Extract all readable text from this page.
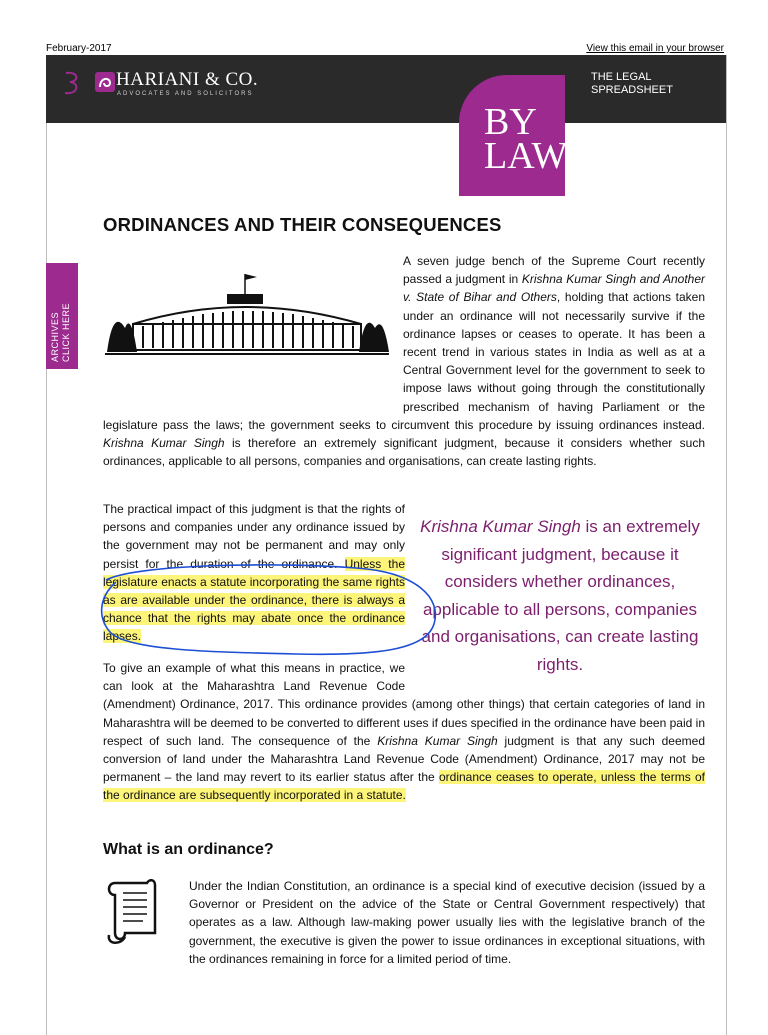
February-2017	View this email in your browser
HARIANI & CO.
ADVOCATES AND SOLICITORS
THE LEGAL
SPREADSHEET
BY
LAW
ARCHIVES CLICK HERE
ORDINANCES AND THEIR CONSEQUENCES
A seven judge bench of the Supreme Court recently passed a judgment in Krishna Kumar Singh and Another v. State of Bihar and Others, holding that actions taken under an ordinance will not necessarily survive if the ordinance lapses or ceases to operate. It has been a recent trend in various states in India as well as at a Central Government level for the government to seek to impose laws without going through the constitutionally prescribed mechanism of having Parliament or the legislature pass the laws; the government seeks to circumvent this procedure by issuing ordinances instead. Krishna Kumar Singh is therefore an extremely significant judgment, because it considers whether such ordinances, applicable to all persons, companies and organisations, can create lasting rights.
The practical impact of this judgment is that the rights of persons and companies under any ordinance issued by the government may not be permanent and may only persist for the duration of the ordinance. Unless the legislature enacts a statute incorporating the same rights as are available under the ordinance, there is always a chance that the rights may abate once the ordinance lapses.
Krishna Kumar Singh is an extremely significant judgment, because it considers whether ordinances, applicable to all persons, companies and organisations, can create lasting rights.
To give an example of what this means in practice, we can look at the Maharashtra Land Revenue Code (Amendment) Ordinance, 2017. This ordinance provides (among other things) that certain categories of land in Maharashtra will be deemed to be converted to different uses if dues specified in the ordinance have been paid in respect of such land. The consequence of the Krishna Kumar Singh judgment is that any such deemed conversion of land under the Maharashtra Land Revenue Code (Amendment) Ordinance, 2017 may not be permanent – the land may revert to its earlier status after the ordinance ceases to operate, unless the terms of the ordinance are subsequently incorporated in a statute.
What is an ordinance?
Under the Indian Constitution, an ordinance is a special kind of executive decision (issued by a Governor or President on the advice of the State or Central Government respectively) that operates as a law. Although law-making power usually lies with the legislative branch of the government, the executive is given the power to issue ordinances in exceptional situations, with the ordinances remaining in force for a limited period of time.
